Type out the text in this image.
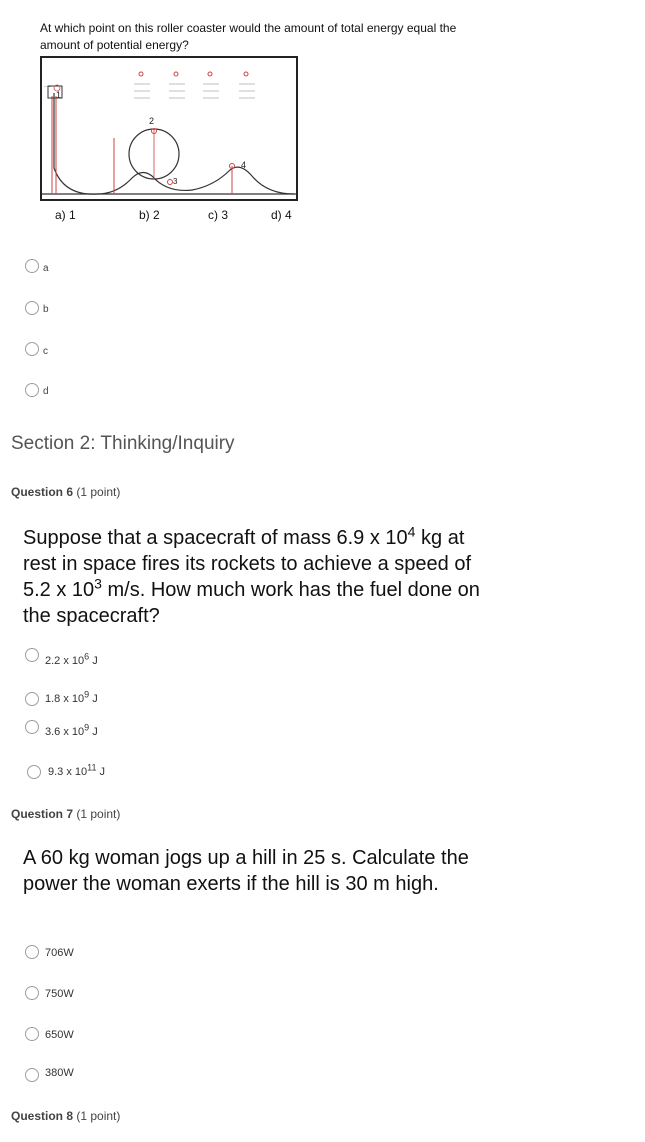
At which point on this roller coaster would the amount of total energy equal the amount of potential energy?
~~~
1
2
3
4
a) 1	b) 2	c) 3	d) 4
a
b
c
d
Section 2: Thinking/Inquiry
Question 6 (1 point)
Suppose that a spacecraft of mass 6.9 x $10^4$ kg at rest in space fires its rockets to achieve a speed of 5.2 x $10^3$ m/s. How much work has the fuel done on the spacecraft?
2.2 x $10^6$ J
1.8 x $10^9$ J
3.6 x $10^9$ J
9.3 x $10^{11}$ J
Question 7 (1 point)
A 60 kg woman jogs up a hill in 25 s. Calculate the power the woman exerts if the hill is 30 m high.
706W
750W
650W
380W
Question 8 (1 point)
